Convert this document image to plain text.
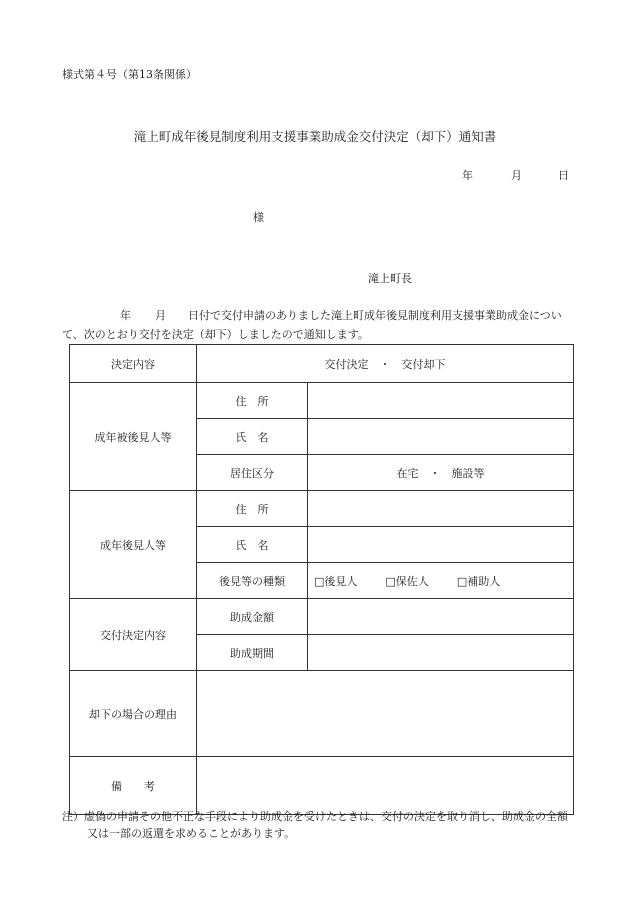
様式第４号（第13条関係）
滝上町成年後見制度利用支援事業助成金交付決定（却下）通知書
年	月	日
様
滝上町長
年 月 日付で交付申請のありました滝上町成年後見制度利用支援事業助成金について、次のとおり交付を決定（却下）しましたので通知します。
決定内容	交付決定　・　交付却下	
成年被後見人等	住　所	
	氏　名	
	居住区分	在宅　・　施設等
成年後見人等	住　所	
	氏　名	
	後見等の種類	□後見人 □保佐人 □補助人
交付決定内容	助成金額	
	助成期間	
却下の場合の理由		
備　　考		
注）虚偽の申請その他不正な手段により助成金を受けたときは、交付の決定を取り消し、助成金の全額又は一部の返還を求めることがあります。
